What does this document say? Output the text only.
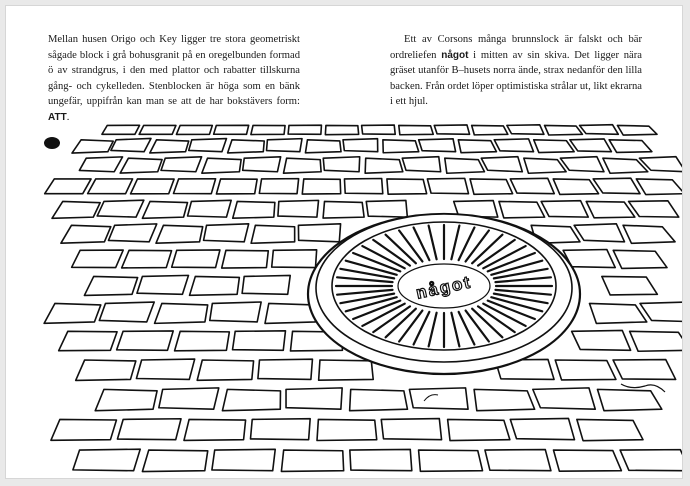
något

Mellan husen Origo och Key ligger tre stora geometriskt sågade block i grå bohusgranit på en oregelbunden formad ö av strandgrus, i den med plattor och rabatter tillskurna gång- och cykelleden. Stenblocken är höga som en bänk ungefär, uppifrån kan man se att de har bokstävers form: ATT.

Ett av Corsons många brunnslock är falskt och bär ordreliefen något i mitten av sin skiva. Det ligger nära gräset utanför B–husets norra ände, strax nedanför den lilla backen. Från ordet löper optimistiska strålar ut, likt ekrarna i ett hjul.
